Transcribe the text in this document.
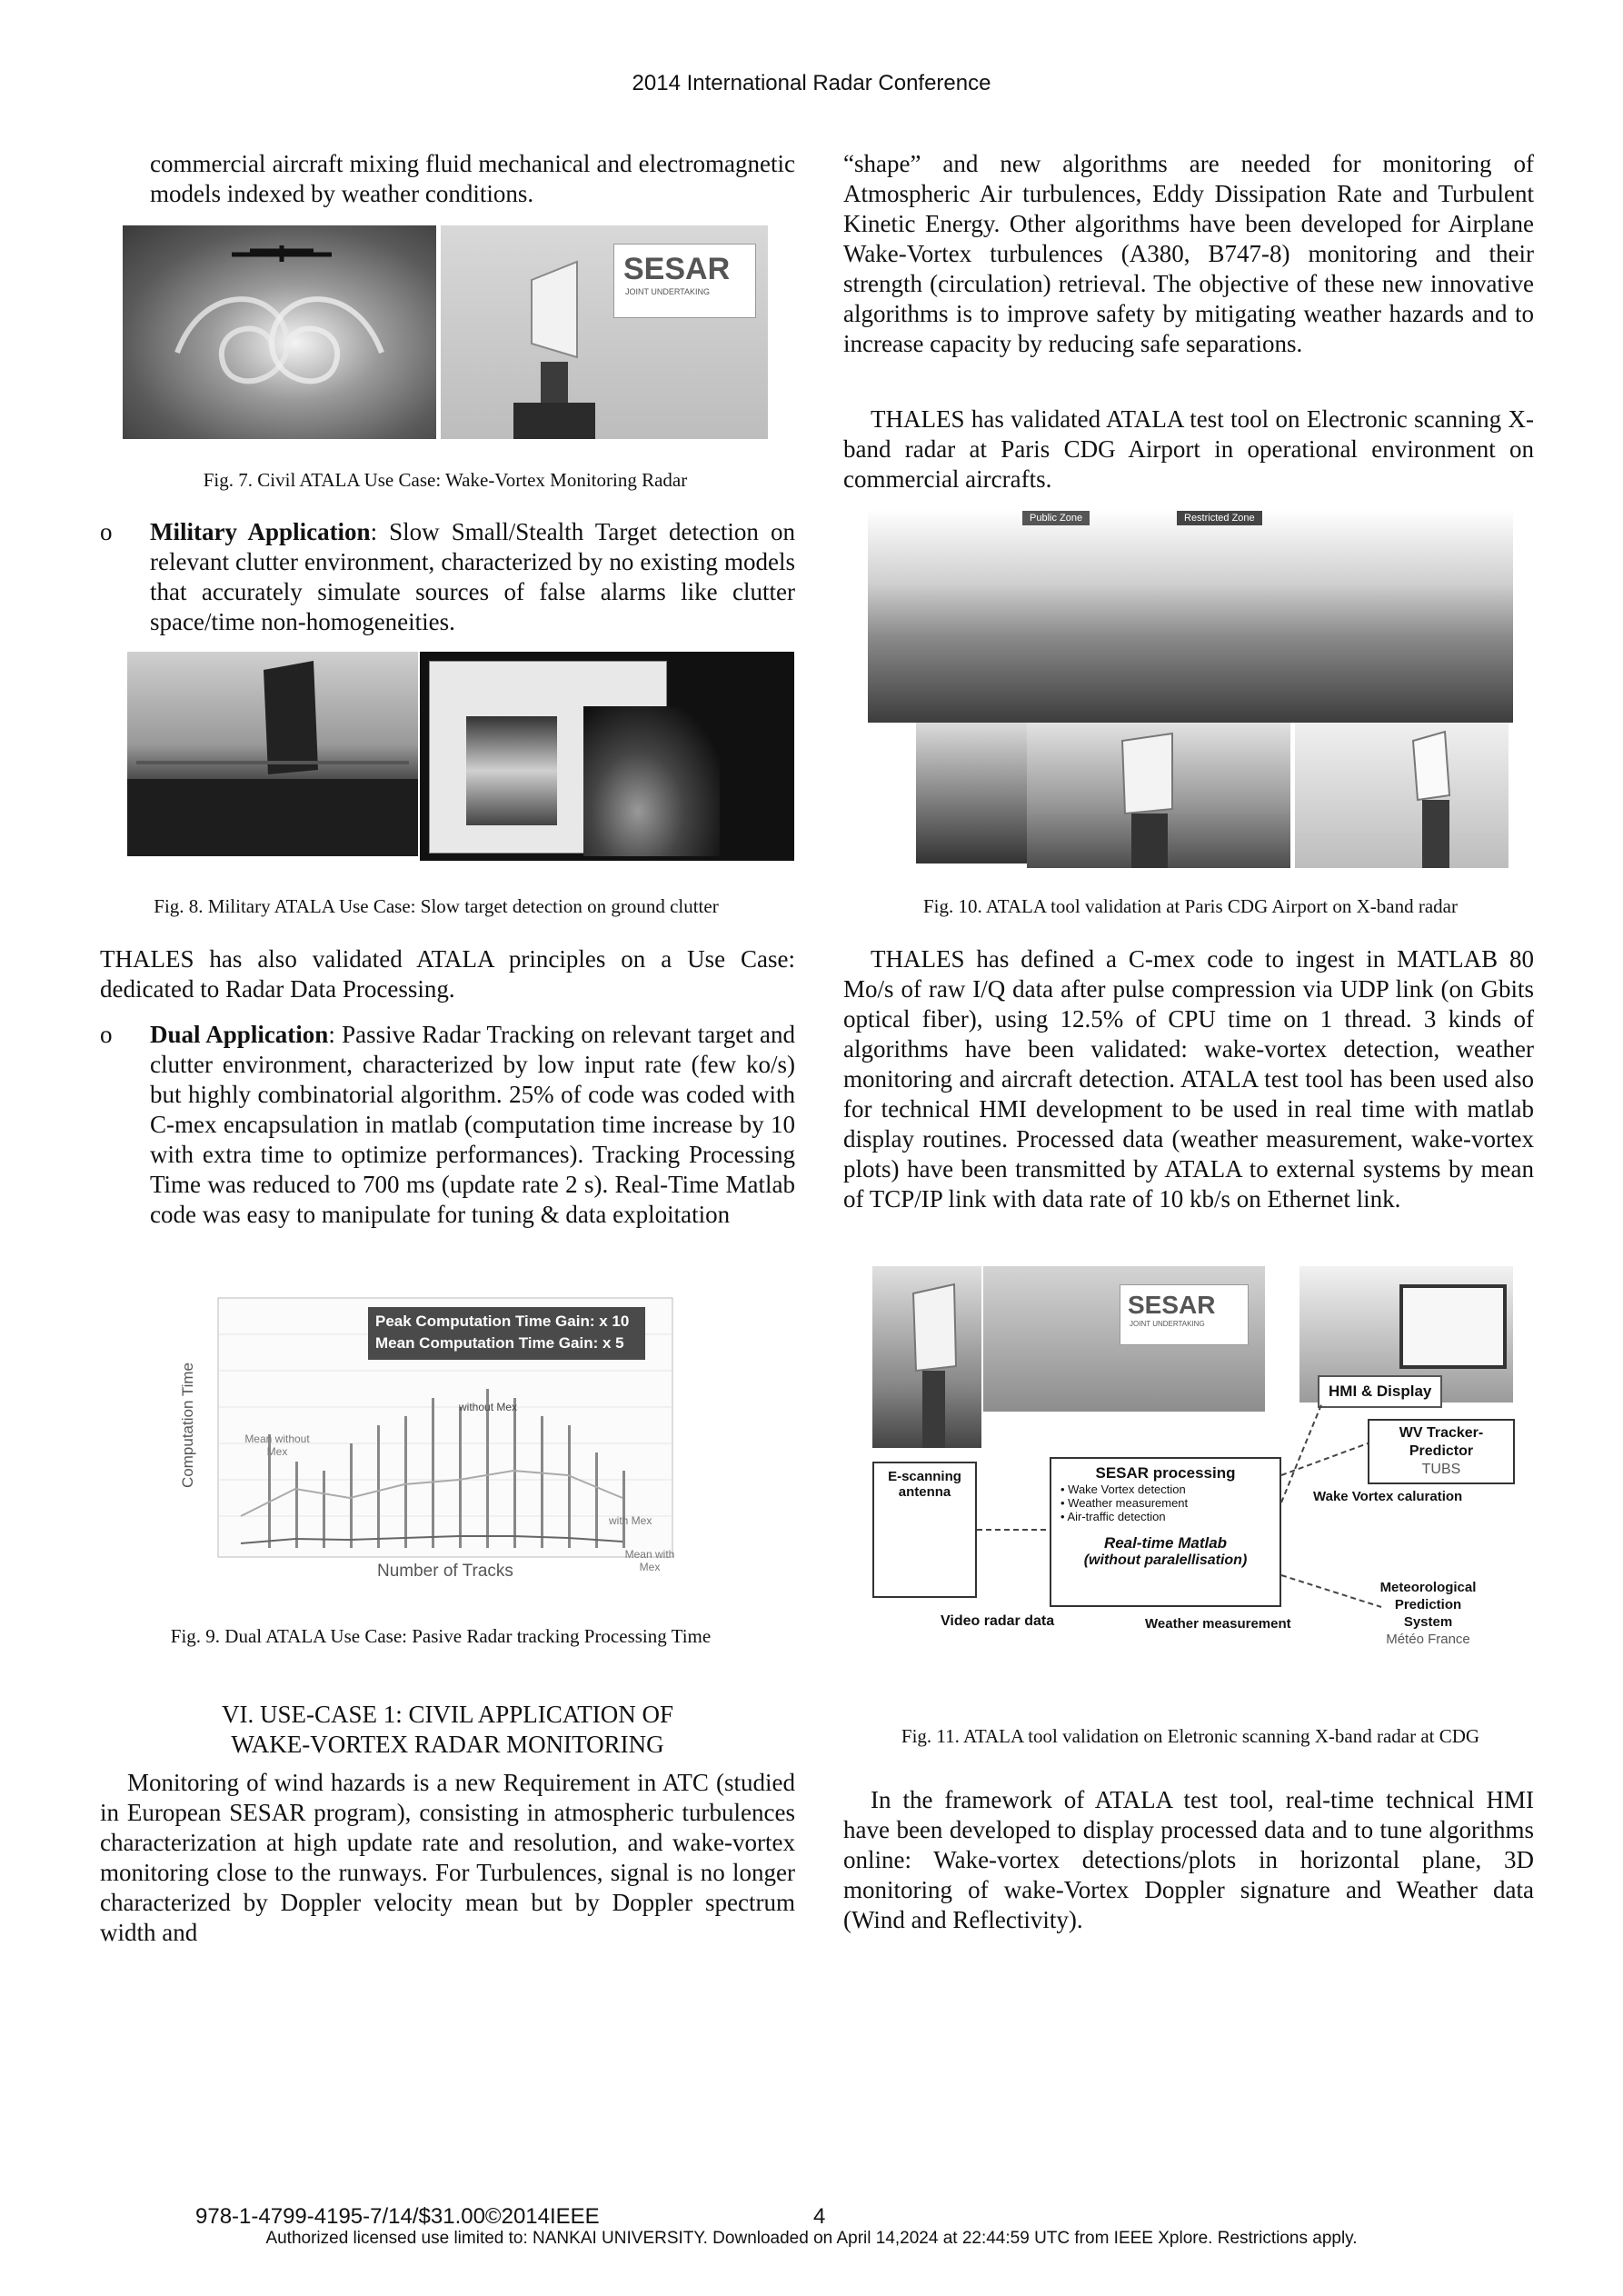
2014 International Radar Conference
commercial aircraft mixing fluid mechanical and electromagnetic models indexed by weather conditions.
SESAR
JOINT UNDERTAKING
Fig. 7. Civil ATALA Use Case: Wake-Vortex Monitoring Radar
o Military Application: Slow Small/Stealth Target detection on relevant clutter environment, characterized by no existing models that accurately simulate sources of false alarms like clutter space/time non-homogeneities.
Fig. 8. Military ATALA Use Case: Slow target detection on ground clutter
THALES has also validated ATALA principles on a Use Case: dedicated to Radar Data Processing.
o Dual Application: Passive Radar Tracking on relevant target and clutter environment, characterized by low input rate (few ko/s) but highly combinatorial algorithm. 25% of code was coded with C-mex encapsulation in matlab (computation time increase by 10 with extra time to optimize performances). Tracking Processing Time was reduced to 700 ms (update rate 2 s). Real-Time Matlab code was easy to manipulate for tuning & data exploitation
Peak Computation Time Gain: x 10
Mean Computation Time Gain: x 5
without Mex
Mean without Mex
with Mex
Mean with Mex
Number of Tracks
Computation Time
Fig. 9. Dual ATALA Use Case: Pasive Radar tracking Processing Time
VI. USE-CASE 1: CIVIL APPLICATION OF
WAKE-VORTEX RADAR MONITORING
Monitoring of wind hazards is a new Requirement in ATC (studied in European SESAR program), consisting in atmospheric turbulences characterization at high update rate and resolution, and wake-vortex monitoring close to the runways. For Turbulences, signal is no longer characterized by Doppler velocity mean but by Doppler spectrum width and
“shape” and new algorithms are needed for monitoring of Atmospheric Air turbulences, Eddy Dissipation Rate and Turbulent Kinetic Energy. Other algorithms have been developed for Airplane Wake-Vortex turbulences (A380, B747-8) monitoring and their strength (circulation) retrieval. The objective of these new innovative algorithms is to improve safety by mitigating weather hazards and to increase capacity by reducing safe separations.
THALES has validated ATALA test tool on Electronic scanning X-band radar at Paris CDG Airport in operational environment on commercial aircrafts.
Public Zone	Restricted Zone
Fig. 10. ATALA tool validation at Paris CDG Airport on X-band radar
THALES has defined a C-mex code to ingest in MATLAB 80 Mo/s of raw I/Q data after pulse compression via UDP link (on Gbits optical fiber), using 12.5% of CPU time on 1 thread. 3 kinds of algorithms have been validated: wake-vortex detection, weather monitoring and aircraft detection. ATALA test tool has been used also for technical HMI development to be used in real time with matlab display routines. Processed data (weather measurement, wake-vortex plots) have been transmitted by ATALA to external systems by mean of TCP/IP link with data rate of 10 kb/s on Ethernet link.
SESAR
JOINT UNDERTAKING
HMI & Display
WV Tracker-Predictor
TUBS
E-scanning antenna
SESAR processing
• Wake Vortex detection
• Weather measurement
• Air-traffic detection
Real-time Matlab
(without paralellisation)
Wake Vortex caluration
Video radar data	Weather measurement
Meteorological
Prediction
System
Météo France
Fig. 11. ATALA tool validation on Eletronic scanning X-band radar at CDG
In the framework of ATALA test tool, real-time technical HMI have been developed to display processed data and to tune algorithms online: Wake-vortex detections/plots in horizontal plane, 3D monitoring of wake-Vortex Doppler signature and Weather data (Wind and Reflectivity).
978-1-4799-4195-7/14/$31.00©2014IEEE	4
Authorized licensed use limited to: NANKAI UNIVERSITY. Downloaded on April 14,2024 at 22:44:59 UTC from IEEE Xplore. Restrictions apply.
